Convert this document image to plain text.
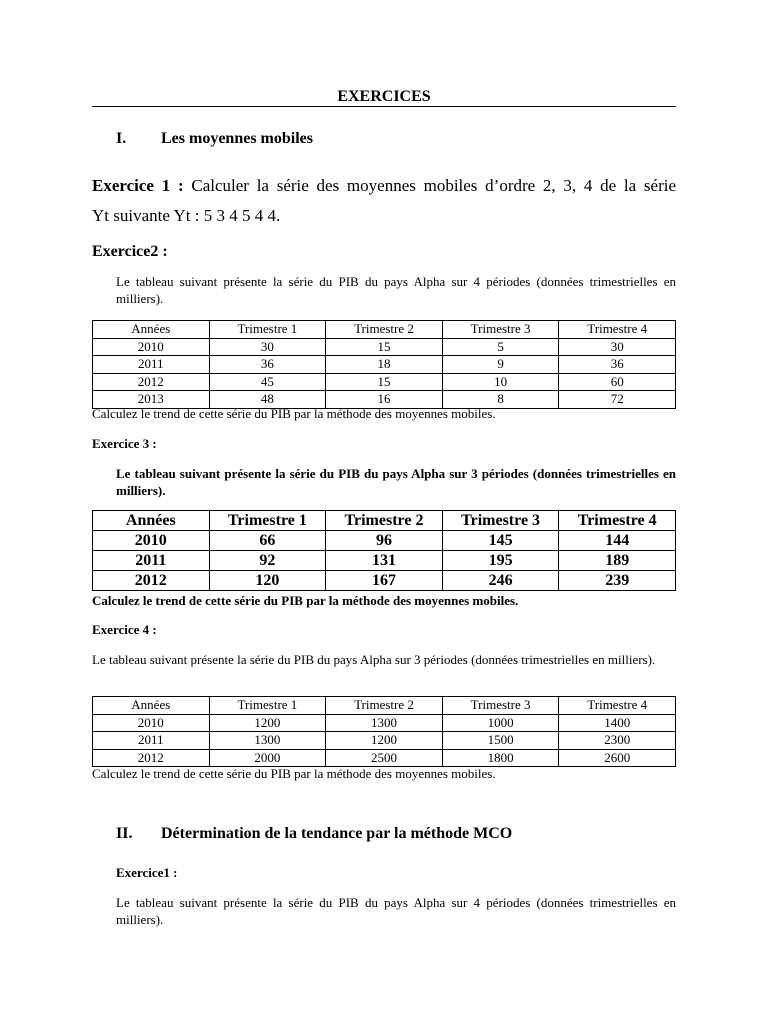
EXERCICES
I. Les moyennes mobiles

Exercice 1 : Calculer la série des moyennes mobiles d’ordre 2, 3, 4 de la série

Yt suivante Yt : 5 3 4 5 4 4.

Exercice2 :

Le tableau suivant présente la série du PIB du pays Alpha sur 4 périodes (données trimestrielles en milliers).

Années	Trimestre 1	Trimestre 2	Trimestre 3	Trimestre 4
2010	30	15	5	30
2011	36	18	9	36
2012	45	15	10	60
2013	48	16	8	72

Calculez le trend de cette série du PIB par la méthode des moyennes mobiles.

Exercice 3 :

Le tableau suivant présente la série du PIB du pays Alpha sur 3 périodes (données trimestrielles en milliers).

Années	Trimestre 1	Trimestre 2	Trimestre 3	Trimestre 4
2010	66	96	145	144
2011	92	131	195	189
2012	120	167	246	239

Calculez le trend de cette série du PIB par la méthode des moyennes mobiles.

Exercice 4 :

Le tableau suivant présente la série du PIB du pays Alpha sur 3 périodes (données trimestrielles en milliers).

Années	Trimestre 1	Trimestre 2	Trimestre 3	Trimestre 4
2010	1200	1300	1000	1400
2011	1300	1200	1500	2300
2012	2000	2500	1800	2600

Calculez le trend de cette série du PIB par la méthode des moyennes mobiles.

II. Détermination de la tendance par la méthode MCO
Exercice1 :

Le tableau suivant présente la série du PIB du pays Alpha sur 4 périodes (données trimestrielles en milliers).
